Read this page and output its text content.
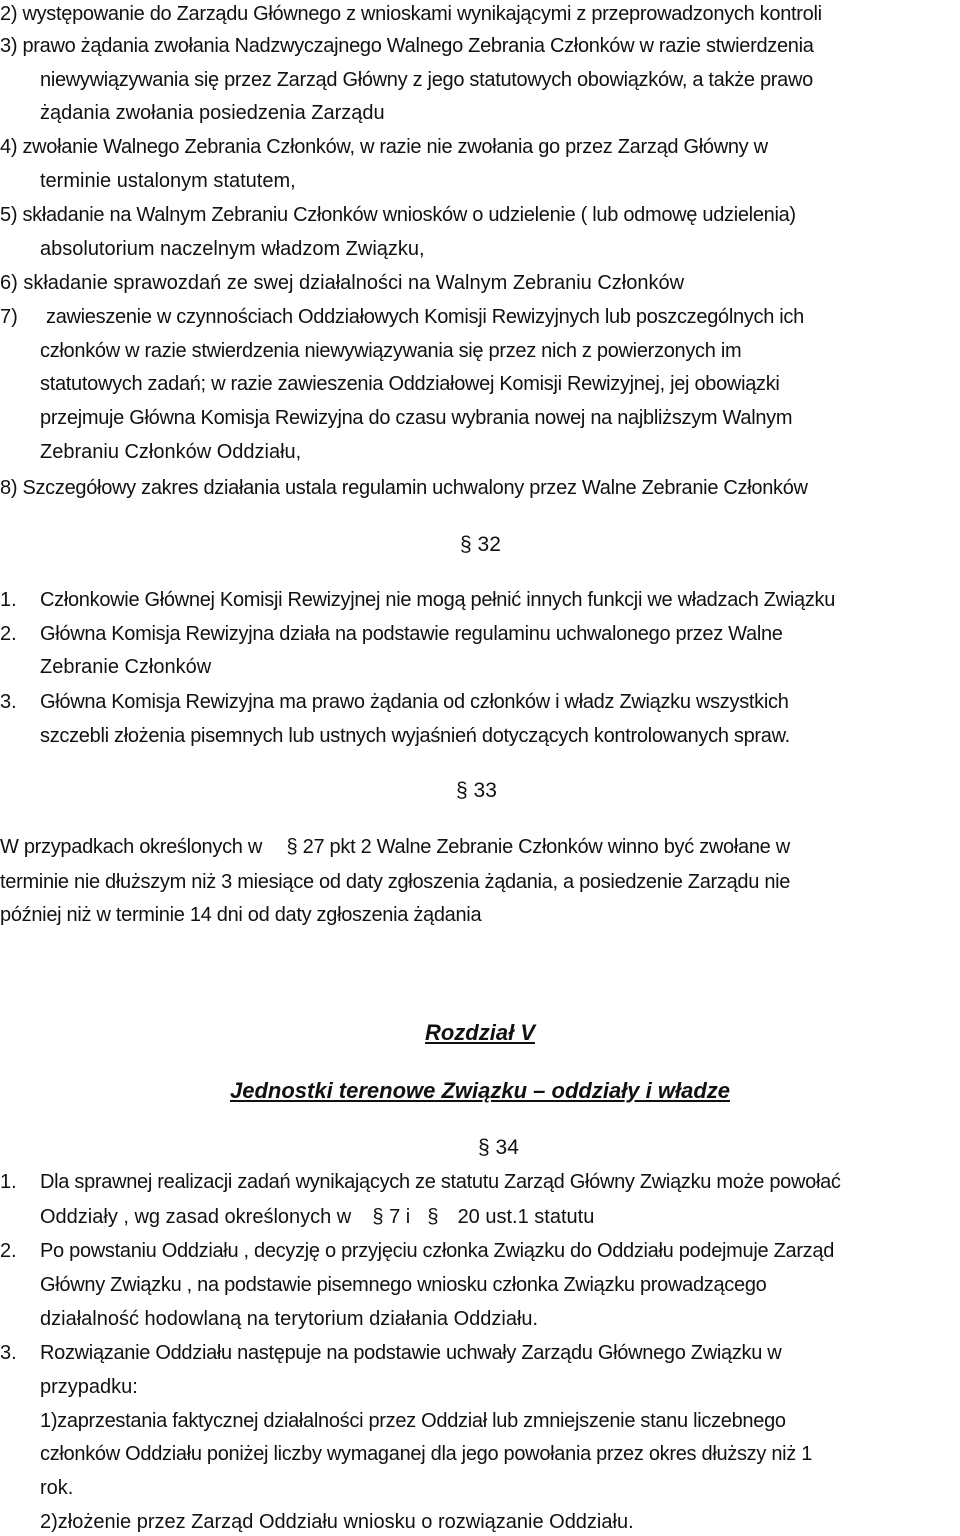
2) występowanie do Zarządu Głównego z wnioskami wynikającymi z przeprowadzonych kontroli
3) prawo żądania zwołania Nadzwyczajnego Walnego Zebrania Członków w razie stwierdzenia
niewywiązywania się przez Zarząd Główny z jego statutowych obowiązków, a także prawo
żądania zwołania posiedzenia Zarządu
4) zwołanie Walnego Zebrania Członków, w razie nie zwołania go przez Zarząd Główny w
terminie ustalonym statutem,
5) składanie na Walnym Zebraniu Członków wniosków o udzielenie ( lub odmowę udzielenia)
absolutorium naczelnym władzom Związku,
6) składanie sprawozdań ze swej działalności na Walnym Zebraniu Członków
7) zawieszenie w czynnościach Oddziałowych Komisji Rewizyjnych lub poszczególnych ich
członków w razie stwierdzenia niewywiązywania się przez nich z powierzonych im
statutowych zadań; w razie zawieszenia Oddziałowej Komisji Rewizyjnej, jej obowiązki
przejmuje Główna Komisja Rewizyjna do czasu wybrania nowej na najbliższym Walnym
Zebraniu Członków Oddziału,
8) Szczegółowy zakres działania ustala regulamin uchwalony przez Walne Zebranie Członków
§ 32
1. Członkowie Głównej Komisji Rewizyjnej nie mogą pełnić innych funkcji we władzach Związku
2. Główna Komisja Rewizyjna działa na podstawie regulaminu uchwalonego przez Walne
Zebranie Członków
3. Główna Komisja Rewizyjna ma prawo żądania od członków i władz Związku wszystkich
szczebli złożenia pisemnych lub ustnych wyjaśnień dotyczących kontrolowanych spraw.
§ 33
W przypadkach określonych w § 27 pkt 2 Walne Zebranie Członków winno być zwołane w
terminie nie dłuższym niż 3 miesiące od daty zgłoszenia żądania, a posiedzenie Zarządu nie
później niż w terminie 14 dni od daty zgłoszenia żądania
Rozdział V
Jednostki terenowe Związku – oddziały i władze
§ 34
1. Dla sprawnej realizacji zadań wynikających ze statutu Zarząd Główny Związku może powołać
Oddziały , wg zasad określonych w § 7 i § 20 ust.1 statutu
2. Po powstaniu Oddziału , decyzję o przyjęciu członka Związku do Oddziału podejmuje Zarząd
Główny Związku , na podstawie pisemnego wniosku członka Związku prowadzącego
działalność hodowlaną na terytorium działania Oddziału.
3. Rozwiązanie Oddziału następuje na podstawie uchwały Zarządu Głównego Związku w
przypadku:
1)zaprzestania faktycznej działalności przez Oddział lub zmniejszenie stanu liczebnego
członków Oddziału poniżej liczby wymaganej dla jego powołania przez okres dłuższy niż 1
rok.
2)złożenie przez Zarząd Oddziału wniosku o rozwiązanie Oddziału.
